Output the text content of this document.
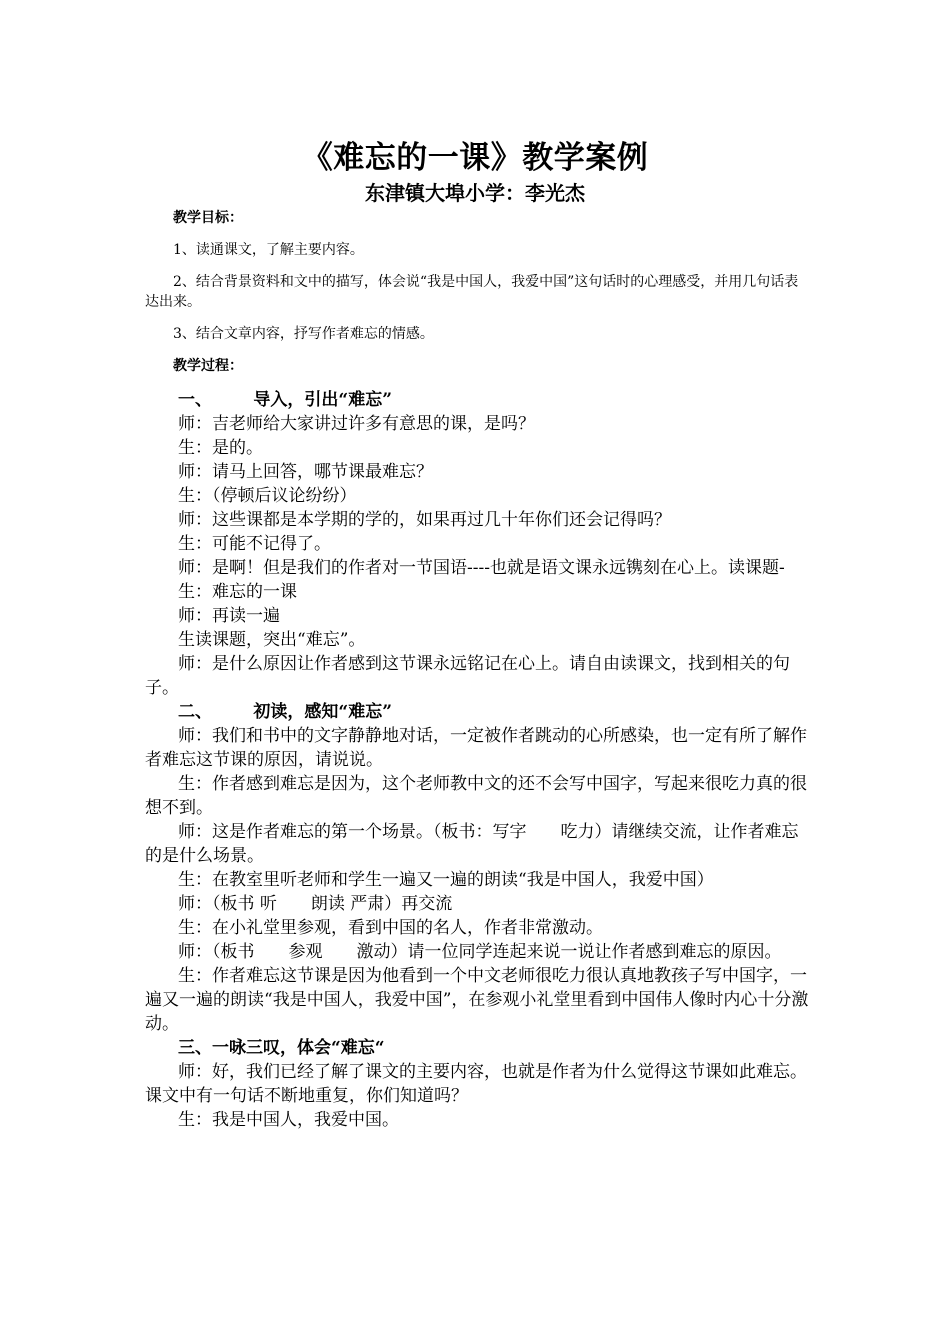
《难忘的一课》教学案例
东津镇大埠小学：李光杰

教学目标：

1、读通课文，了解主要内容。

2、结合背景资料和文中的描写，体会说“我是中国人，我爱中国”这句话时的心理感受，并用几句话表达出来。

3、结合文章内容，抒写作者难忘的情感。

教学过程：

一、       导入，引出“难忘”

师：吉老师给大家讲过许多有意思的课，是吗？

生：是的。

师：请马上回答，哪节课最难忘？

生：（停顿后议论纷纷）

师：这些课都是本学期的学的，如果再过几十年你们还会记得吗？

生：可能不记得了。

师：是啊！但是我们的作者对一节国语----也就是语文课永远镌刻在心上。读课题-

生：难忘的一课

师：再读一遍

生读课题，突出“难忘”。

师：是什么原因让作者感到这节课永远铭记在心上。请自由读课文，找到相关的句子。

二、       初读，感知“难忘”

师：我们和书中的文字静静地对话，一定被作者跳动的心所感染，也一定有所了解作者难忘这节课的原因，请说说。

生：作者感到难忘是因为，这个老师教中文的还不会写中国字，写起来很吃力真的很想不到。

师：这是作者难忘的第一个场景。（板书：写字　　吃力）请继续交流，让作者难忘的是什么场景。

生：在教室里听老师和学生一遍又一遍的朗读“我是中国人，我爱中国）

师：（板书 听　　朗读 严肃）再交流

生：在小礼堂里参观，看到中国的名人，作者非常激动。

师：（板书　　参观　　激动）请一位同学连起来说一说让作者感到难忘的原因。

生：作者难忘这节课是因为他看到一个中文老师很吃力很认真地教孩子写中国字，一遍又一遍的朗读“我是中国人，我爱中国”，在参观小礼堂里看到中国伟人像时内心十分激动。

三、一咏三叹，体会“难忘“

师：好，我们已经了解了课文的主要内容，也就是作者为什么觉得这节课如此难忘。课文中有一句话不断地重复，你们知道吗？

生：我是中国人，我爱中国。
